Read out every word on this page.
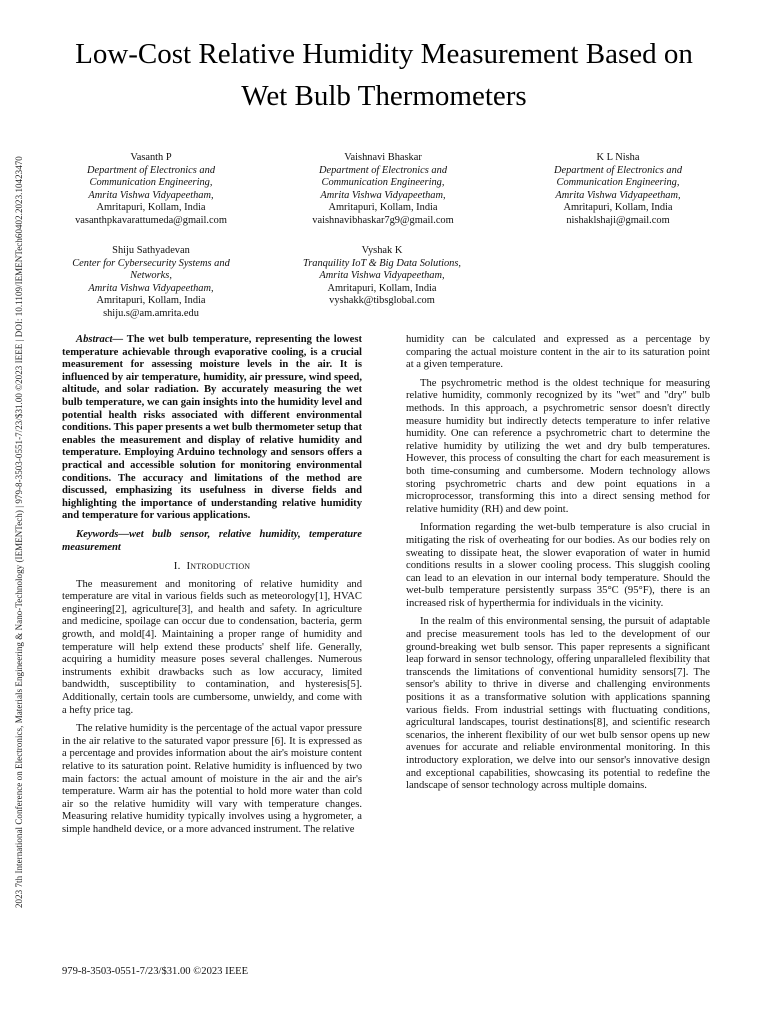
2023 7th International Conference on Electronics, Materials Engineering & Nano-Technology (IEMENTech) | 979-8-3503-0551-7/23/$31.00 ©2023 IEEE | DOI: 10.1109/IEMENTech60402.2023.10423470
Low-Cost Relative Humidity Measurement Based on Wet Bulb Thermometers
Vasanth P
Department of Electronics and
Communication Engineering,
Amrita Vishwa Vidyapeetham,
Amritapuri, Kollam, India
vasanthpkavarattumeda@gmail.com
Vaishnavi Bhaskar
Department of Electronics and
Communication Engineering,
Amrita Vishwa Vidyapeetham,
Amritapuri, Kollam, India
vaishnavibhaskar7g9@gmail.com
K L Nisha
Department of Electronics and
Communication Engineering,
Amrita Vishwa Vidyapeetham,
Amritapuri, Kollam, India
nishaklshaji@gmail.com
Shiju Sathyadevan
Center for Cybersecurity Systems and
Networks,
Amrita Vishwa Vidyapeetham,
Amritapuri, Kollam, India
shiju.s@am.amrita.edu
Vyshak K
Tranquility IoT & Big Data Solutions,
Amrita Vishwa Vidyapeetham,
Amritapuri, Kollam, India
vyshakk@tibsglobal.com

Abstract— The wet bulb temperature, representing the lowest temperature achievable through evaporative cooling, is a crucial measurement for assessing moisture levels in the air. It is influenced by air temperature, humidity, air pressure, wind speed, altitude, and solar radiation. By accurately measuring the wet bulb temperature, we can gain insights into the humidity level and potential health risks associated with different environmental conditions. This paper presents a wet bulb thermometer setup that enables the measurement and display of relative humidity and temperature. Employing Arduino technology and sensors offers a practical and accessible solution for monitoring environmental conditions. The accuracy and limitations of the method are discussed, emphasizing its usefulness in diverse fields and highlighting the importance of understanding relative humidity and temperature for various applications.

Keywords—wet bulb sensor, relative humidity, temperature measurement

I. Introduction

The measurement and monitoring of relative humidity and temperature are vital in various fields such as meteorology[1], HVAC engineering[2], agriculture[3], and health and safety. In agriculture and medicine, spoilage can occur due to condensation, bacteria, germ growth, and mold[4]. Maintaining a proper range of humidity and temperature will help extend these products' shelf life. Generally, acquiring a humidity measure poses several challenges. Numerous instruments exhibit drawbacks such as low accuracy, limited bandwidth, susceptibility to contamination, and hysteresis[5]. Additionally, certain tools are cumbersome, unwieldy, and come with a hefty price tag.

The relative humidity is the percentage of the actual vapor pressure in the air relative to the saturated vapor pressure [6]. It is expressed as a percentage and provides information about the air's moisture content relative to its saturation point. Relative humidity is influenced by two main factors: the actual amount of moisture in the air and the air's temperature. Warm air has the potential to hold more water than cold air so the relative humidity will vary with temperature changes. Measuring relative humidity typically involves using a hygrometer, a simple handheld device, or a more advanced instrument. The relative

humidity can be calculated and expressed as a percentage by comparing the actual moisture content in the air to its saturation point at a given temperature.

The psychrometric method is the oldest technique for measuring relative humidity, commonly recognized by its "wet" and "dry" bulb methods. In this approach, a psychrometric sensor doesn't directly measure humidity but indirectly detects temperature to infer relative humidity. One can reference a psychrometric chart to determine the relative humidity by utilizing the wet and dry bulb temperatures. However, this process of consulting the chart for each measurement is both time-consuming and cumbersome. Modern technology allows storing psychrometric charts and dew point equations in a microprocessor, transforming this into a direct sensing method for relative humidity (RH) and dew point.

Information regarding the wet-bulb temperature is also crucial in mitigating the risk of overheating for our bodies. As our bodies rely on sweating to dissipate heat, the slower evaporation of water in humid conditions results in a slower cooling process. This sluggish cooling can lead to an elevation in our internal body temperature. Should the wet-bulb temperature persistently surpass 35°C (95°F), there is an increased risk of hyperthermia for individuals in the vicinity.

In the realm of this environmental sensing, the pursuit of adaptable and precise measurement tools has led to the development of our ground-breaking wet bulb sensor. This paper represents a significant leap forward in sensor technology, offering unparalleled flexibility that transcends the limitations of conventional humidity sensors[7]. The sensor's ability to thrive in diverse and challenging environments positions it as a transformative solution with applications spanning various fields. From industrial settings with fluctuating conditions, agricultural landscapes, tourist destinations[8], and scientific research scenarios, the inherent flexibility of our wet bulb sensor opens up new avenues for accurate and reliable environmental monitoring. In this introductory exploration, we delve into our sensor's innovative design and exceptional capabilities, showcasing its potential to redefine the landscape of sensor technology across multiple domains.

979-8-3503-0551-7/23/$31.00 ©2023 IEEE
